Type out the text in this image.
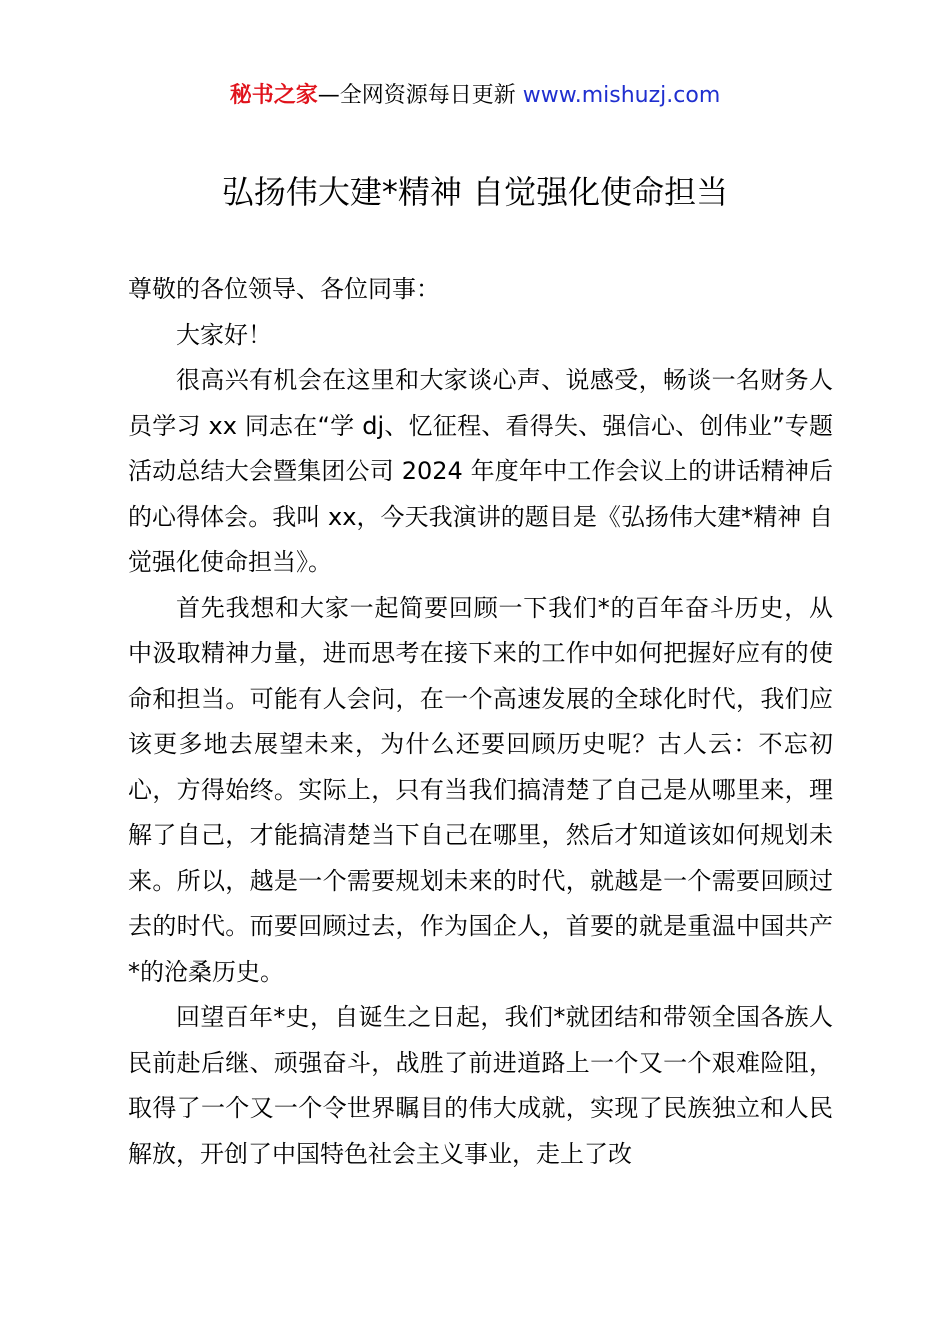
秘书之家—全网资源每日更新 www.mishuzj.com
弘扬伟大建*精神 自觉强化使命担当

尊敬的各位领导、各位同事：

大家好！

很高兴有机会在这里和大家谈心声、说感受，畅谈一名财务人员学习 xx 同志在“学 dj、忆征程、看得失、强信心、创伟业”专题活动总结大会暨集团公司 2024 年度年中工作会议上的讲话精神后的心得体会。我叫 xx，今天我演讲的题目是《弘扬伟大建*精神 自觉强化使命担当》。

首先我想和大家一起简要回顾一下我们*的百年奋斗历史，从中汲取精神力量，进而思考在接下来的工作中如何把握好应有的使命和担当。可能有人会问，在一个高速发展的全球化时代，我们应该更多地去展望未来，为什么还要回顾历史呢？古人云：不忘初心，方得始终。实际上，只有当我们搞清楚了自己是从哪里来，理解了自己，才能搞清楚当下自己在哪里，然后才知道该如何规划未来。所以，越是一个需要规划未来的时代，就越是一个需要回顾过去的时代。而要回顾过去，作为国企人，首要的就是重温中国共产*的沧桑历史。

回望百年*史，自诞生之日起，我们*就团结和带领全国各族人民前赴后继、顽强奋斗，战胜了前进道路上一个又一个艰难险阻，取得了一个又一个令世界瞩目的伟大成就，实现了民族独立和人民解放，开创了中国特色社会主义事业，走上了改
